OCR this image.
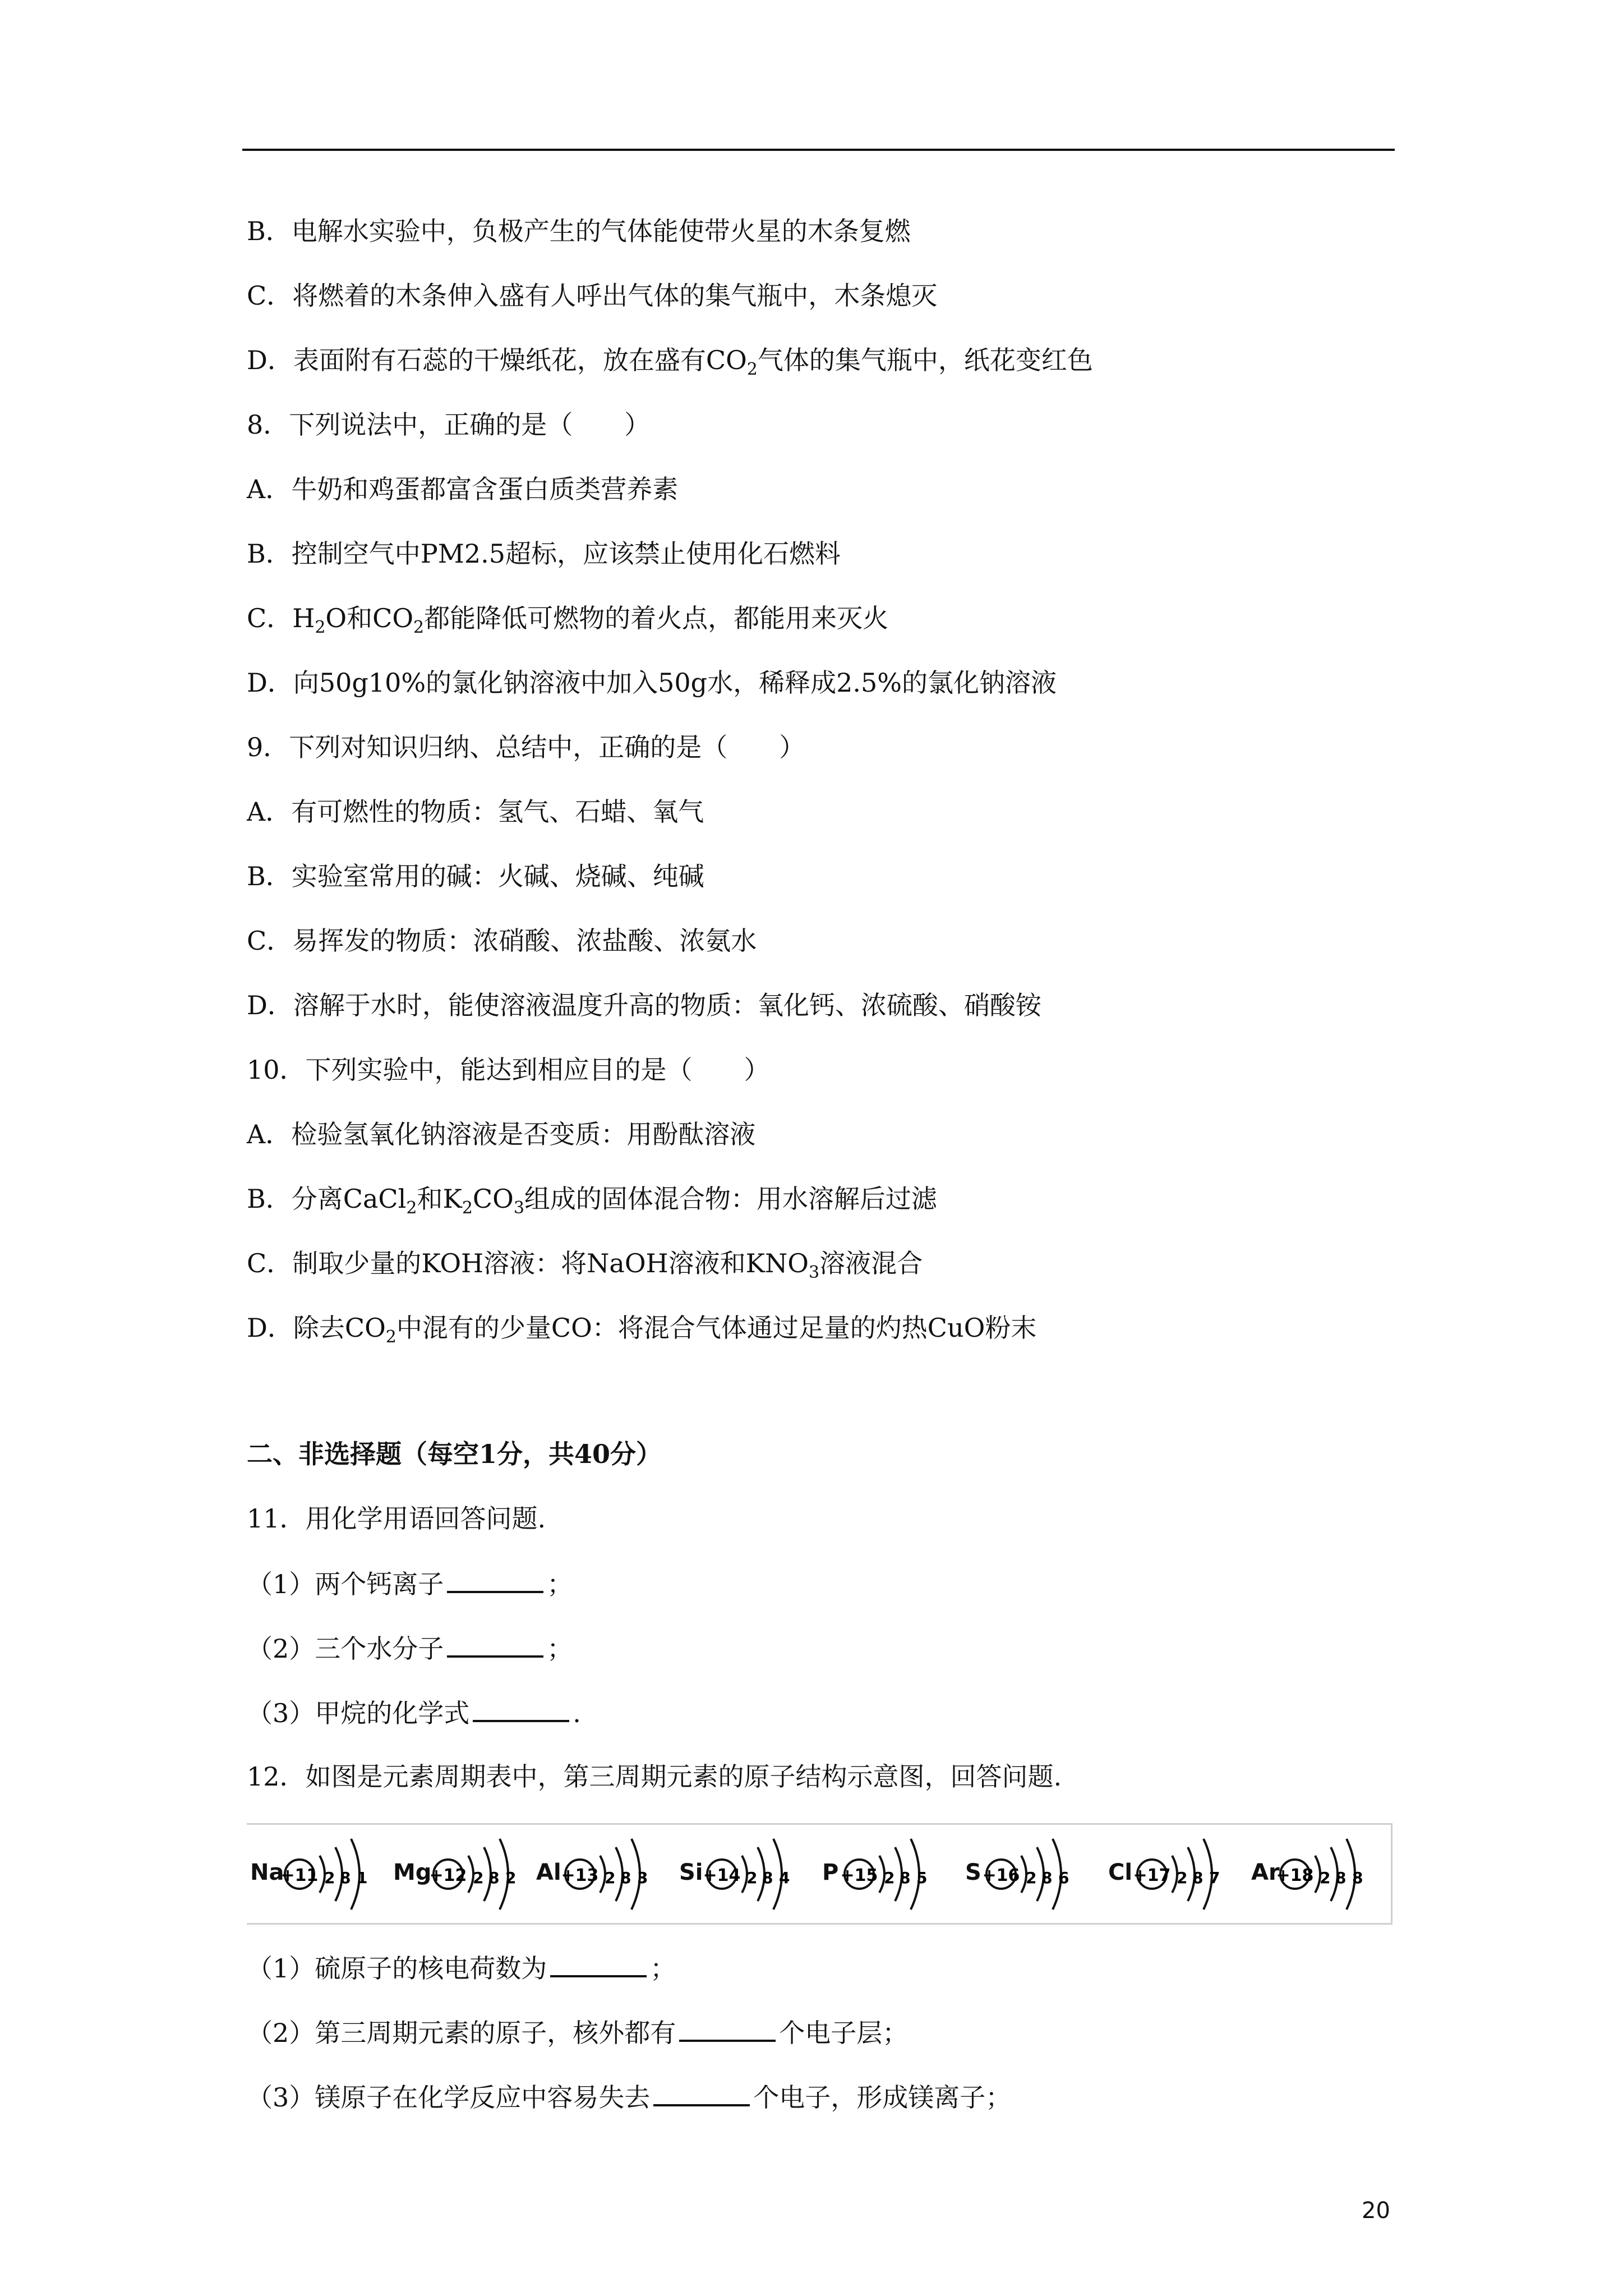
B．电解水实验中，负极产生的气体能使带火星的木条复燃
C．将燃着的木条伸入盛有人呼出气体的集气瓶中，木条熄灭
D．表面附有石蕊的干燥纸花，放在盛有$CO_2$气体的集气瓶中，纸花变红色
8．下列说法中，正确的是（　　）
A．牛奶和鸡蛋都富含蛋白质类营养素
B．控制空气中PM2.5超标，应该禁止使用化石燃料
C．$H_2O$和$CO_2$都能降低可燃物的着火点，都能用来灭火
D．向50g10%的氯化钠溶液中加入50g水，稀释成2.5%的氯化钠溶液
9．下列对知识归纳、总结中，正确的是（　　）
A．有可燃性的物质：氢气、石蜡、氧气
B．实验室常用的碱：火碱、烧碱、纯碱
C．易挥发的物质：浓硝酸、浓盐酸、浓氨水
D．溶解于水时，能使溶液温度升高的物质：氧化钙、浓硫酸、硝酸铵
10．下列实验中，能达到相应目的是（　　）
A．检验氢氧化钠溶液是否变质：用酚酞溶液
B．分离CaCl$_2$和$K_2CO_3$组成的固体混合物：用水溶解后过滤
C．制取少量的KOH溶液：将NaOH溶液和$KNO_3$溶液混合
D．除去$CO_2$中混有的少量CO：将混合气体通过足量的灼热CuO粉末
二、非选择题（每空1分，共40分）
11．用化学用语回答问题.
（1）两个钙离子	；
（2）三个水分子	；
（3）甲烷的化学式	.
12．如图是元素周期表中，第三周期元素的原子结构示意图，回答问题.
Na
+11 2 8 1 Mg
+12 2 8 2 Al +13 2 8 3 Si +14 2 8 4 P +15 2 8 5 S +16 2 8 6 Cl +17 2 8 7 Ar
+18 2 8 8
（1）硫原子的核电荷数为	；
（2）第三周期元素的原子，核外都有	个电子层；
（3）镁原子在化学反应中容易失去	个电子，形成镁离子；
20
